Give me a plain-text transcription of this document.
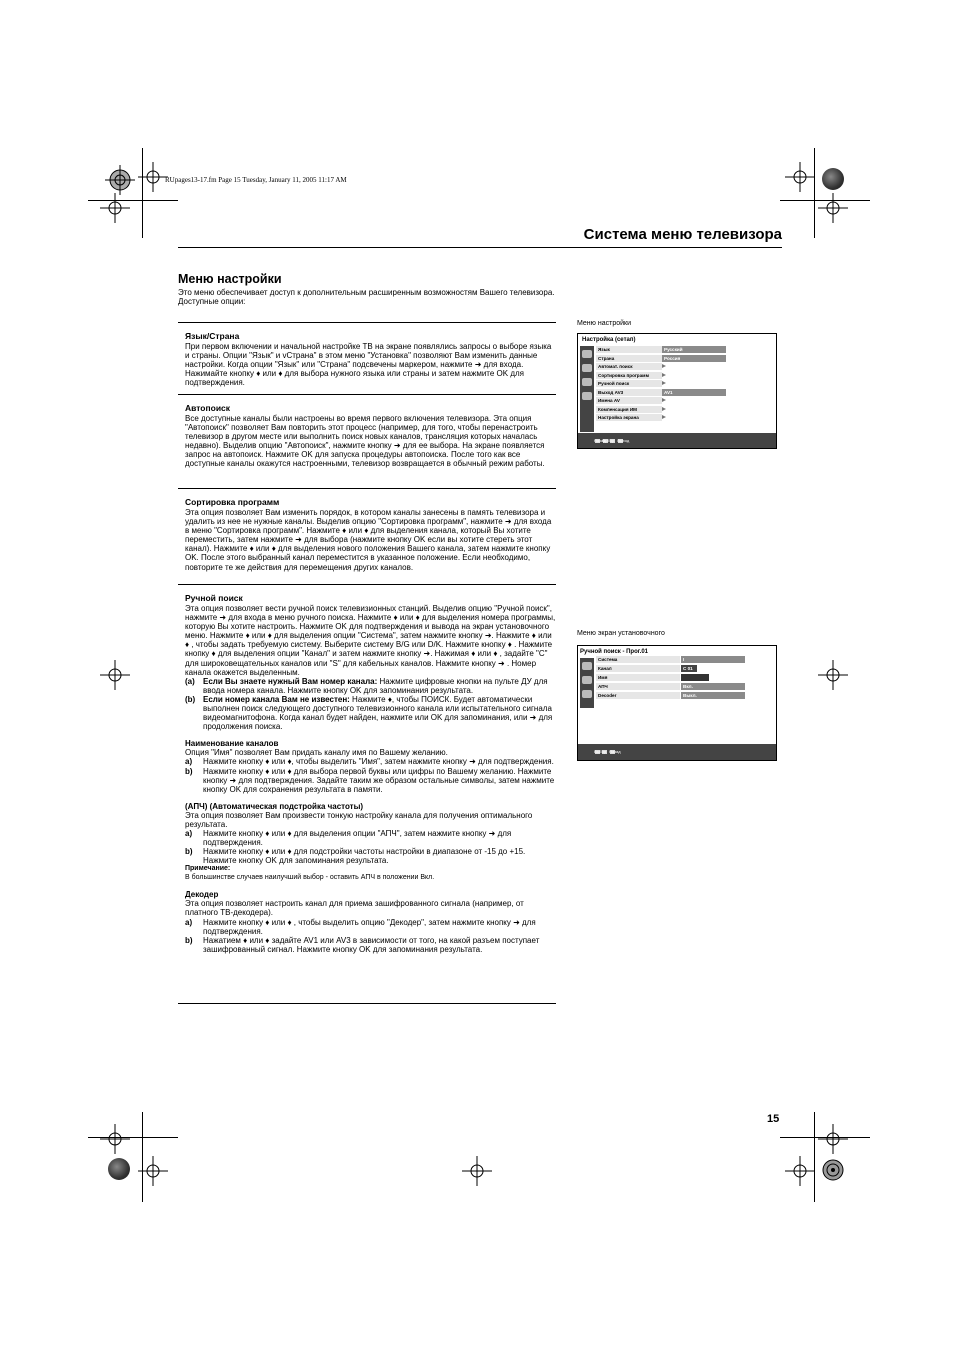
RUpages13-17.fm Page 15 Tuesday, January 11, 2005 11:17 AM
Система меню телевизора
Меню настройки
Это меню обеспечивает доступ к дополнительным расширенным возможностям Вашего телевизора. Доступные опции:
Язык/Страна
При первом включении и начальной настройке ТВ на экране появлялись запросы о выборе языка и страны. Опции "Язык" и vСтрана" в этом меню "Установка" позволяют Вам изменить данные настройки. Когда опции "Язык" или "Страна" подсвечены маркером, нажмите ➜ для входа. Нажимайте кнопку ♦ или ♦ для выбора нужного языка или страны и затем нажмите OK для подтверждения.
Автопоиск
Все доступные каналы были настроены во время первого включения телевизора. Эта опция "Автопоиск" позволяет Вам повторить этот процесс (например, для того, чтобы перенастроить телевизор в другом месте или выполнить поиск новых каналов, трансляция которых началась недавно). Выделив опцию "Автопоиск", нажмите кнопку ➜ для ее выбора. На экране появляется запрос на автопоиск. Нажмите OK для запуска процедуры автопоиска. После того как все доступные каналы окажутся настроенными, телевизор возвращается в обычный режим работы.
Сортировка программ
Эта опция позволяет Вам изменить порядок, в котором каналы занесены в память телевизора и удалить из нее не нужные каналы. Выделив опцию "Сортировка программ", нажмите ➜ для входа в меню "Сортировка программ". Нажмите ♦ или ♦ для выделения канала, который Вы хотите переместить, затем нажмите ➜ для выбора (нажмите кнопку OK если вы хотите стереть этот канал). Нажмите ♦ или ♦ для выделения нового положения Вашего канала, затем нажмите кнопку OK. После этого выбранный канал переместится в указанное положение. Если необходимо, повторите те же действия для перемещения других каналов.
Ручной поиск
Эта опция позволяет вести ручной поиск телевизионных станций. Выделив опцию "Ручной поиск", нажмите ➜ для входа в меню ручного поиска. Нажмите ♦ или ♦ для выделения номера программы, которую Вы хотите настроить. Нажмите OK для подтверждения и вывода на экран установочного меню. Нажмите ♦ или ♦ для выделения опции "Система", затем нажмите кнопку ➜. Нажмите ♦ или ♦ , чтобы задать требуемую систему. Выберите систему B/G или D/K. Нажмите кнопку ♦ . Нажмите кнопку ♦ для выделения опции "Канал" и затем нажмите кнопку ➜. Нажимая ♦ или ♦ , задайте "C" для широковещательных каналов или "S" для кабельных каналов. Нажмите кнопку ➜ . Номер канала окажется выделенным.
(a)	Если Вы знаете нужный Вам номер канала: Нажмите цифровые кнопки на пульте ДУ для ввода номера канала. Нажмите кнопку OK для запоминания результата.
(b) Если номер канала Вам не известен: Нажмите ♦, чтобы ПОИСК. Будет автоматически выполнен поиск следующего доступного телевизионного канала или испытательного сигнала видеомагнитофона. Когда канал будет найден, нажмите или OK для запоминания, или ➜ для продолжения поиска.
Наименование каналов
Опция "Имя" позволяет Вам придать каналу имя по Вашему желанию.
a)	Нажмите кнопку ♦ или ♦, чтобы выделить "Имя", затем нажмите кнопку ➜ для подтверждения.
b)	Нажмите кнопку ♦ или ♦ для выбора первой буквы или цифры по Вашему желанию. Нажмите кнопку ➜ для подтверждения. Задайте таким же образом остальные символы, затем нажмите кнопку OK для сохранения результата в памяти.
(АПЧ) (Автоматическая подстройка частоты)
Эта опция позволяет Вам произвести тонкую настройку канала для получения оптимального результата.
a)	Нажмите кнопку ♦ или ♦ для выделения опции "АПЧ", затем нажмите кнопку ➜ для подтверждения.
b)	Нажмите кнопку ♦ или ♦ для подстройки частоты настройки в диапазоне от -15 до +15. Нажмите кнопку OK для запоминания результата.
Примечание:
В большинстве случаев наилучший выбор - оставить АПЧ в положении Вкл.
Декодер
Эта опция позволяет настроить канал для приема зашифрованного сигнала (например, от платного ТВ-декодера).
a)	Нажмите кнопку ♦ или ♦ , чтобы выделить опцию "Декодер", затем нажмите кнопку ➜ для подтверждения.
b)	Нажатием ♦ или ♦ задайте AV1 или AV3 в зависимости от того, на какой разъем поступает зашифрованный сигнал. Нажмите кнопку OK для запоминания результата.
Меню настройки
Настройка (сетап)
Язык	Русский
Страна	Россия
Автомат. поиск
Сортировка программ
Ручной поиск
Выход AV3	AV1
Имена AV
Компенсация ИМ
Настройка экрана
Назад

Выбор
Выход
Меню экран установочного
Ручной поиск - Прог.01
Система	I
Канал	C 01
Имя
АПЧ	Вкл.
Decoder	Выкл.
Выбор
Назад
15
